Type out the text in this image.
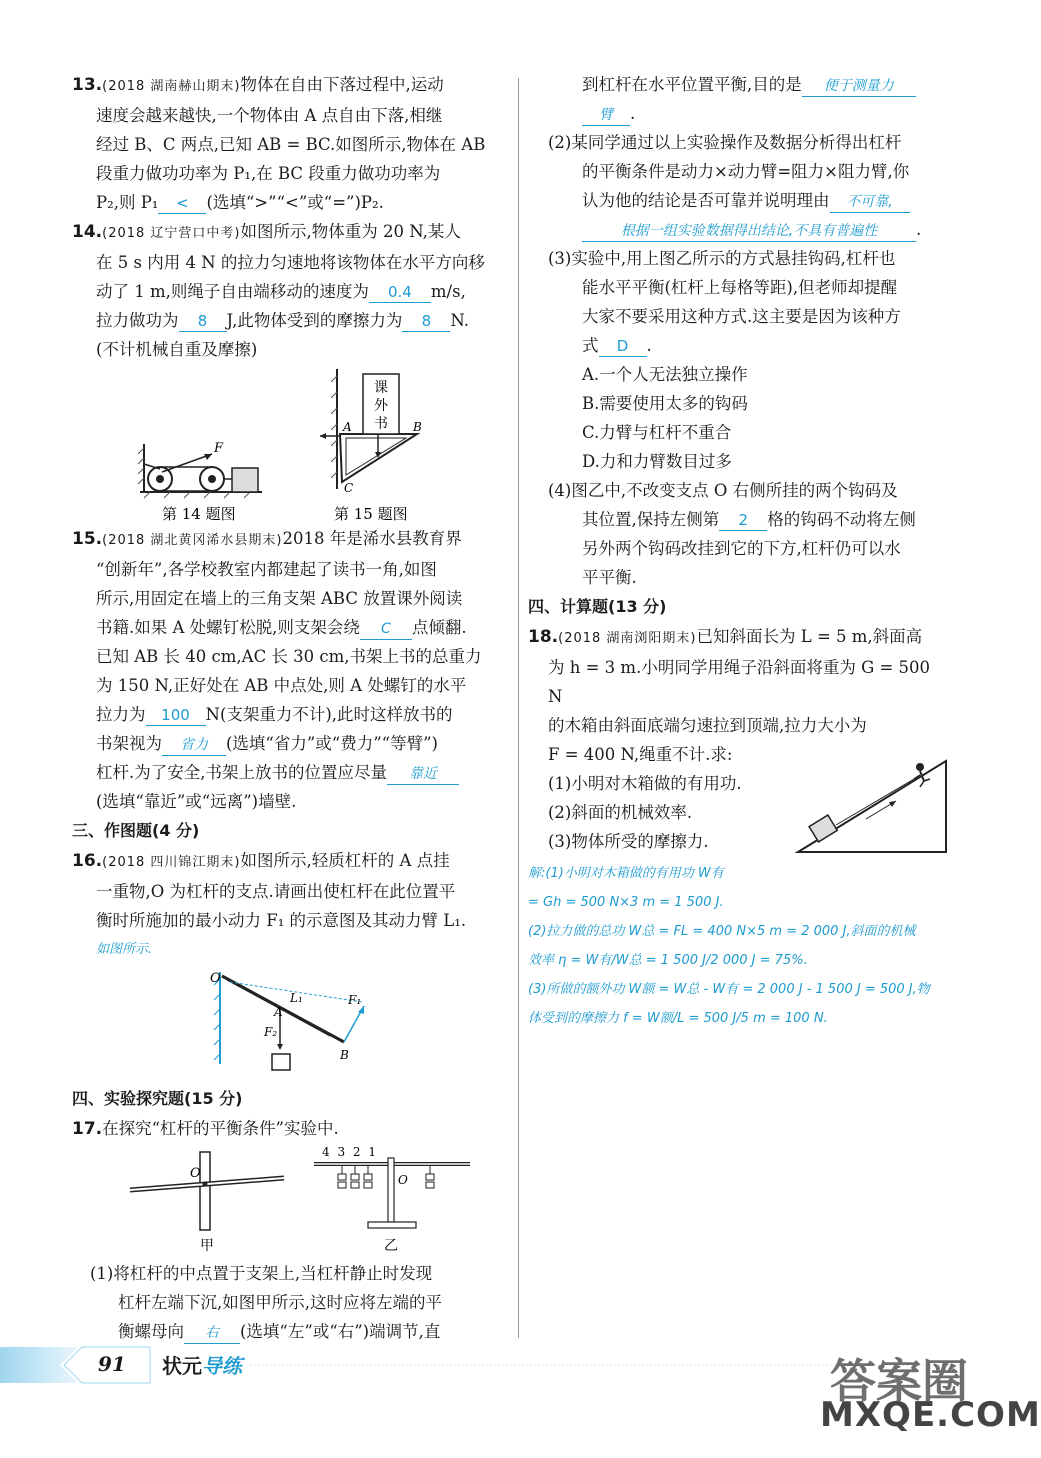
13.(2018 湖南赫山期末)物体在自由下落过程中,运动

速度会越来越快,一个物体由 A 点自由下落,相继

经过 B、C 两点,已知 AB = BC.如图所示,物体在 AB

段重力做功功率为 P₁,在 BC 段重力做功功率为

P₂,则 P₁ < (选填“>”“<”或“=”)P₂.

14.(2018 辽宁营口中考)如图所示,物体重为 20 N,某人

在 5 s 内用 4 N 的拉力匀速地将该物体在水平方向移

动了 1 m,则绳子自由端移动的速度为 0.4 m/s,

拉力做功为 8 J,此物体受到的摩擦力为 8 N.

(不计机械自重及摩擦)

F
第 14 题图
课
外
书
A	B
C
第 15 题图

15.(2018 湖北黄冈浠水县期末)2018 年是浠水县教育界

“创新年”,各学校教室内都建起了读书一角,如图

所示,用固定在墙上的三角支架 ABC 放置课外阅读

书籍.如果 A 处螺钉松脱,则支架会绕 C 点倾翻.

已知 AB 长 40 cm,AC 长 30 cm,书架上书的总重力

为 150 N,正好处在 AB 中点处,则 A 处螺钉的水平

拉力为 100 N(支架重力不计),此时这样放书的

书架视为 省力 (选填“省力”或“费力”“等臂”)

杠杆.为了安全,书架上放书的位置应尽量 靠近

(选填“靠近”或“远离”)墙壁.

三、作图题(4 分)

16.(2018 四川锦江期末)如图所示,轻质杠杆的 A 点挂

一重物,O 为杠杆的支点.请画出使杠杆在此位置平

衡时所施加的最小动力 F₁ 的示意图及其动力臂 L₁.

如图所示.

O
A
B
L₁	F₁
F₂

四、实验探究题(15 分)

17.在探究“杠杆的平衡条件”实验中.

O
甲
4 3 2 1
O
乙

(1)将杠杆的中点置于支架上,当杠杆静止时发现

杠杆左端下沉,如图甲所示,这时应将左端的平

衡螺母向 右 (选填“左”或“右”)端调节,直

到杠杆在水平位置平衡,目的是 便于测量力

臂 .

(2)某同学通过以上实验操作及数据分析得出杠杆

的平衡条件是动力×动力臂=阻力×阻力臂,你

认为他的结论是否可靠并说明理由 不可靠,

根据一组实验数据得出结论,不具有普遍性 .

(3)实验中,用上图乙所示的方式悬挂钩码,杠杆也

能水平平衡(杠杆上每格等距),但老师却提醒

大家不要采用这种方式.这主要是因为该种方

式 D .

A.一个人无法独立操作

B.需要使用太多的钩码

C.力臂与杠杆不重合

D.力和力臂数目过多

(4)图乙中,不改变支点 O 右侧所挂的两个钩码及

其位置,保持左侧第 2 格的钩码不动将左侧

另外两个钩码改挂到它的下方,杠杆仍可以水

平平衡.

四、计算题(13 分)

18.(2018 湖南浏阳期末)已知斜面长为 L = 5 m,斜面高

为 h = 3 m.小明同学用绳子沿斜面将重为 G = 500 N

的木箱由斜面底端匀速拉到顶端,拉力大小为

F = 400 N,绳重不计.求:

(1)小明对木箱做的有用功.

(2)斜面的机械效率.

(3)物体所受的摩擦力.

解:(1)小明对木箱做的有用功 W有

= Gh = 500 N×3 m = 1 500 J.

(2)拉力做的总功 W总 = FL = 400 N×5 m = 2 000 J,斜面的机械

效率 η = W有/W总 = 1 500 J/2 000 J = 75%.

(3)所做的额外功 W额 = W总 - W有 = 2 000 J - 1 500 J = 500 J,物

体受到的摩擦力 f = W额/L = 500 J/5 m = 100 N.

91 状元导练	答案圈
MXQE.COM
